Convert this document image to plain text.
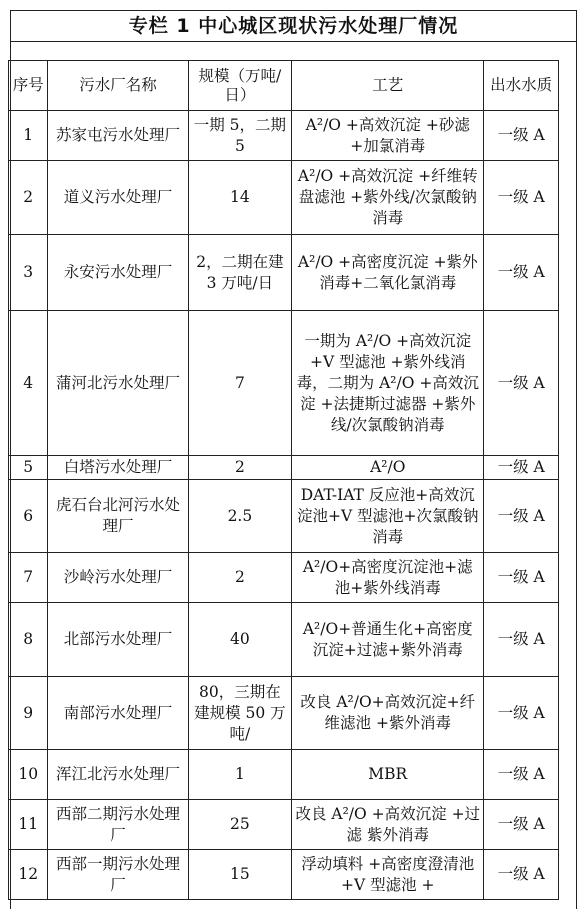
专栏 1 中心城区现状污水处理厂情况
序号	污水厂名称	规模（万吨/日）	工艺	出水水质
1	苏家屯污水处理厂	一期 5，二期 5	A²/O +高效沉淀 +砂滤 +加氯消毒	一级 A
2	道义污水处理厂	14	A²/O +高效沉淀 +纤维转盘滤池 +紫外线/次氯酸钠消毒	一级 A
3	永安污水处理厂	2，二期在建 3 万吨/日	A²/O +高密度沉淀 +紫外消毒+二氧化氯消毒	一级 A
4	蒲河北污水处理厂	7	一期为 A²/O +高效沉淀 +V 型滤池 +紫外线消毒，二期为 A²/O +高效沉淀 +法捷斯过滤器 +紫外线/次氯酸钠消毒	一级 A
5	白塔污水处理厂	2	A²/O	一级 A
6	虎石台北河污水处理厂	2.5	DAT-IAT 反应池+高效沉淀池+V 型滤池+次氯酸钠消毒	一级 A
7	沙岭污水处理厂	2	A²/O+高密度沉淀池+滤池+紫外线消毒	一级 A
8	北部污水处理厂	40	A²/O+普通生化+高密度沉淀+过滤+紫外消毒	一级 A
9	南部污水处理厂	80，三期在建规模 50 万吨/	改良 A²/O+高效沉淀+纤维滤池 +紫外消毒	一级 A
10	浑江北污水处理厂	1	MBR	一级 A
11	西部二期污水处理厂	25	改良 A²/O +高效沉淀 +过滤 紫外消毒	一级 A
12	西部一期污水处理厂	15	浮动填料 +高密度澄清池 +V 型滤池 +	一级 A
